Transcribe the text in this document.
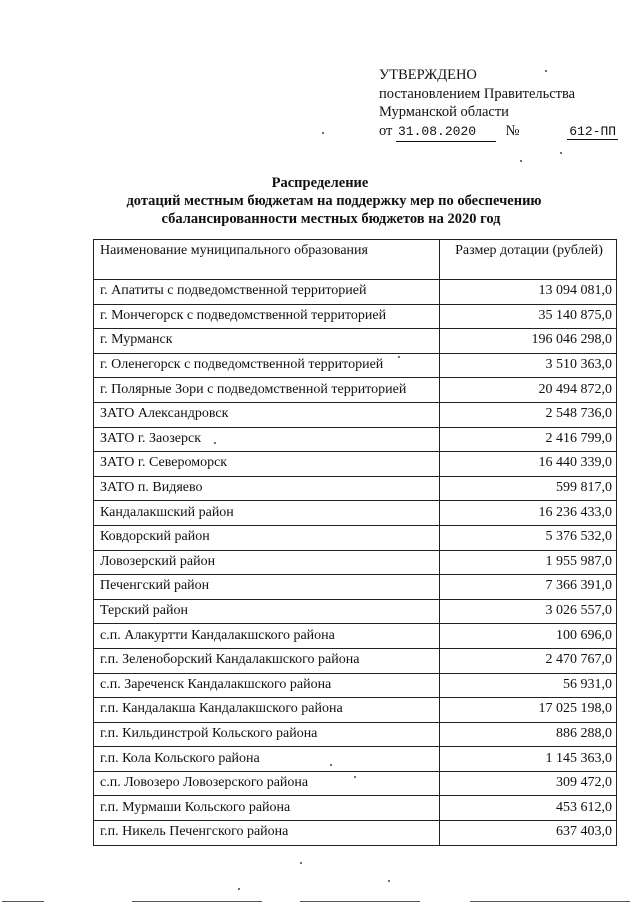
УТВЕРЖДЕНО
постановлением Правительства
Мурманской области
от 31.08.2020 №	612-ПП
Распределение
дотаций местным бюджетам на поддержку мер по обеспечению
сбалансированности местных бюджетов на 2020 год
Наименование муниципального образования	Размер дотации (рублей)
г. Апатиты с подведомственной территорией	13 094 081,0
г. Мончегорск с подведомственной территорией	35 140 875,0
г. Мурманск	196 046 298,0
г. Оленегорск с подведомственной территорией	3 510 363,0
г. Полярные Зори с подведомственной территорией	20 494 872,0
ЗАТО Александровск	2 548 736,0
ЗАТО г. Заозерск	2 416 799,0
ЗАТО г. Североморск	16 440 339,0
ЗАТО п. Видяево	599 817,0
Кандалакшский район	16 236 433,0
Ковдорский район	5 376 532,0
Ловозерский район	1 955 987,0
Печенгский район	7 366 391,0
Терский район	3 026 557,0
с.п. Алакуртти Кандалакшского района	100 696,0
г.п. Зеленоборский Кандалакшского района	2 470 767,0
с.п. Зареченск Кандалакшского района	56 931,0
г.п. Кандалакша Кандалакшского района	17 025 198,0
г.п. Кильдинстрой Кольского района	886 288,0
г.п. Кола Кольского района	1 145 363,0
с.п. Ловозеро Ловозерского района	309 472,0
г.п. Мурмаши Кольского района	453 612,0
г.п. Никель Печенгского района	637 403,0
